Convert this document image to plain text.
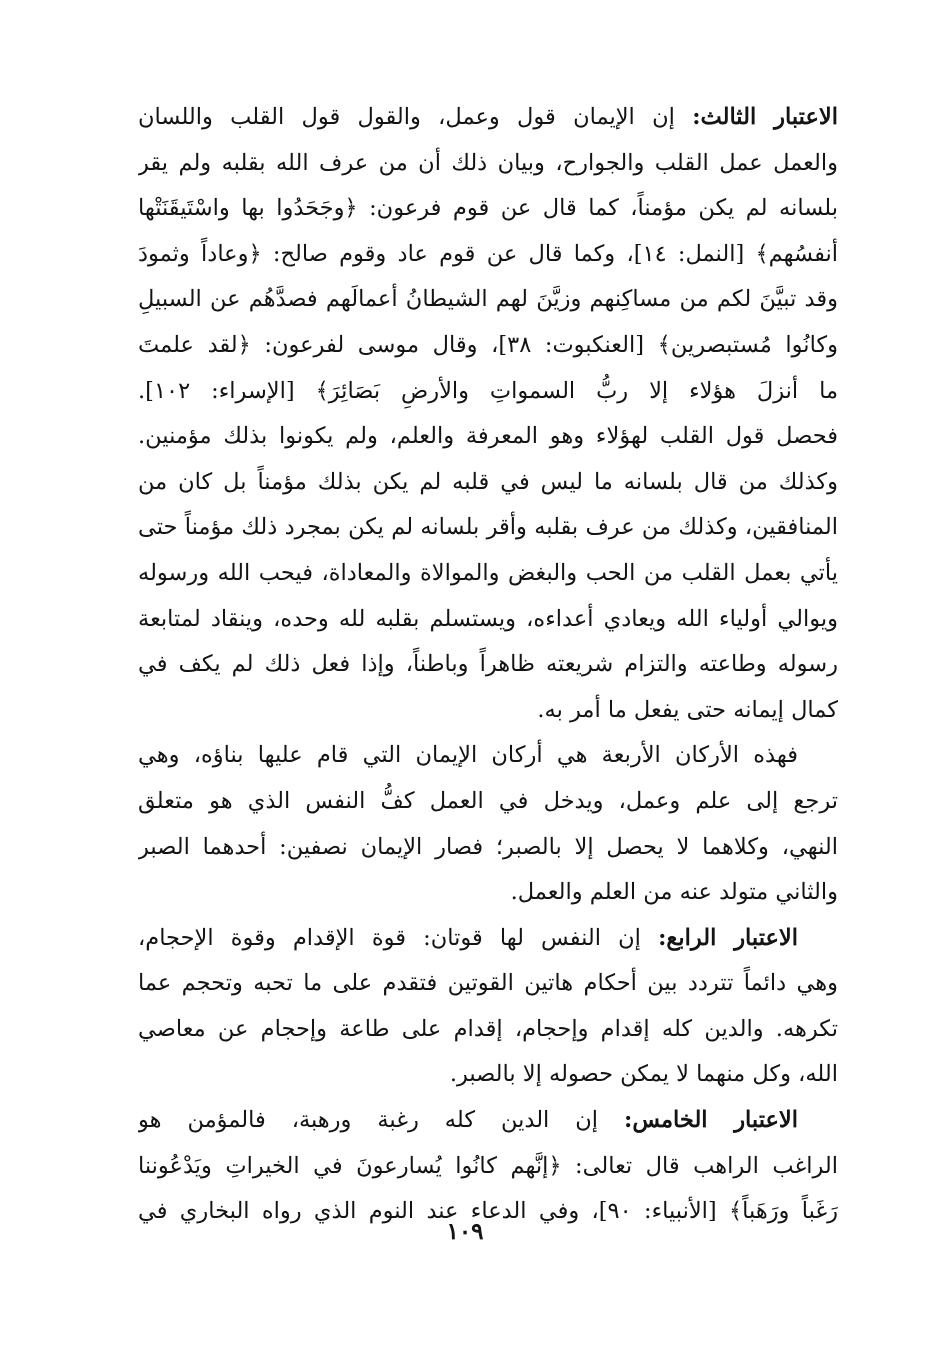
الاعتبار الثالث: إن الإيمان قول وعمل، والقول قول القلب واللسان
والعمل عمل القلب والجوارح، وبيان ذلك أن من عرف الله بقلبه ولم يقر
بلسانه لم يكن مؤمناً، كما قال عن قوم فرعون: ﴿وجَحَدُوا بها واسْتَيقَنَتْها
أنفسُهم﴾ [النمل: ١٤]، وكما قال عن قوم عاد وقوم صالح: ﴿وعاداً وثمودَ
وقد تبيَّنَ لكم من مساكِنهم وزيَّنَ لهم الشيطانُ أعمالَهم فصدَّهُم عن السبيلِ
وكانُوا مُستبصرين﴾ [العنكبوت: ٣٨]، وقال موسى لفرعون: ﴿لقد علمتَ
ما أنزلَ هؤلاء إلا ربُّ السمواتِ والأرضِ بَصَائِرَ﴾ [الإسراء: ١٠٢].
فحصل قول القلب لهؤلاء وهو المعرفة والعلم، ولم يكونوا بذلك مؤمنين.
وكذلك من قال بلسانه ما ليس في قلبه لم يكن بذلك مؤمناً بل كان من
المنافقين، وكذلك من عرف بقلبه وأقر بلسانه لم يكن بمجرد ذلك مؤمناً حتى
يأتي بعمل القلب من الحب والبغض والموالاة والمعاداة، فيحب الله ورسوله
ويوالي أولياء الله ويعادي أعداءه، ويستسلم بقلبه لله وحده، وينقاد لمتابعة
رسوله وطاعته والتزام شريعته ظاهراً وباطناً، وإذا فعل ذلك لم يكف في
كمال إيمانه حتى يفعل ما أمر به.
فهذه الأركان الأربعة هي أركان الإيمان التي قام عليها بناؤه، وهي
ترجع إلى علم وعمل، ويدخل في العمل كفُّ النفس الذي هو متعلق
النهي، وكلاهما لا يحصل إلا بالصبر؛ فصار الإيمان نصفين: أحدهما الصبر
والثاني متولد عنه من العلم والعمل.
الاعتبار الرابع: إن النفس لها قوتان: قوة الإقدام وقوة الإحجام،
وهي دائماً تتردد بين أحكام هاتين القوتين فتقدم على ما تحبه وتحجم عما
تكرهه. والدين كله إقدام وإحجام، إقدام على طاعة وإحجام عن معاصي
الله، وكل منهما لا يمكن حصوله إلا بالصبر.
الاعتبار الخامس: إن الدين كله رغبة ورهبة، فالمؤمن هو
الراغب الراهب قال تعالى: ﴿إنَّهم كانُوا يُسارعونَ في الخيراتِ ويَدْعُوننا
رَغَباً ورَهَباً﴾ [الأنبياء: ٩٠]، وفي الدعاء عند النوم الذي رواه البخاري في
١٠٩
